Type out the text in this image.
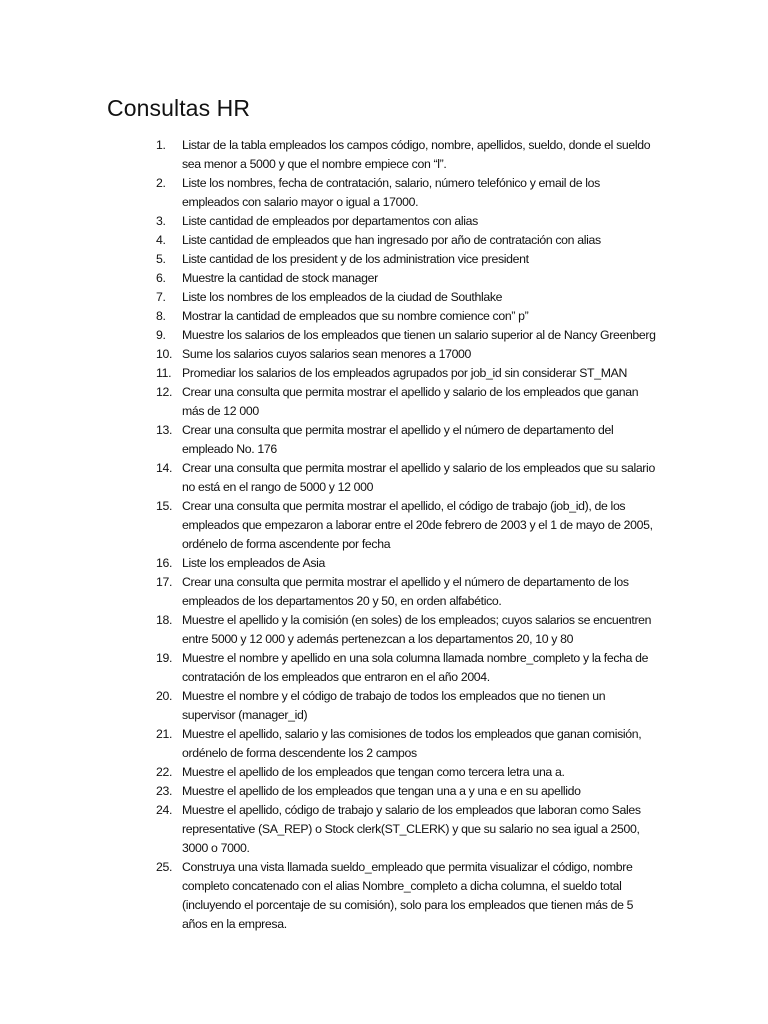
Consultas HR
1.	Listar de la tabla empleados los campos código, nombre, apellidos, sueldo, donde el sueldo sea menor a 5000 y que el nombre empiece con “l”.
2.	Liste los nombres, fecha de contratación, salario, número telefónico y email de los empleados con salario mayor o igual a 17000.
3.	Liste cantidad de empleados por departamentos con alias
4.	Liste cantidad de empleados que han ingresado por año de contratación con alias
5.	Liste cantidad de los president y de los administration vice president
6.	Muestre la cantidad de stock manager
7.	Liste los nombres de los empleados de la ciudad de Southlake
8.	Mostrar la cantidad de empleados que su nombre comience con” p”
9.	Muestre los salarios de los empleados que tienen un salario superior al de Nancy Greenberg
10. Sume los salarios cuyos salarios sean menores a 17000
11. Promediar los salarios de los empleados agrupados por job_id sin considerar ST_MAN
12. Crear una consulta que permita mostrar el apellido y salario de los empleados que ganan más de 12 000
13. Crear una consulta que permita mostrar el apellido y el número de departamento del empleado No. 176
14. Crear una consulta que permita mostrar el apellido y salario de los empleados que su salario no está en el rango de 5000 y 12 000
15. Crear una consulta que permita mostrar el apellido, el código de trabajo (job_id), de los empleados que empezaron a laborar entre el 20de febrero de 2003 y el 1 de mayo de 2005, ordénelo de forma ascendente por fecha
16. Liste los empleados de Asia
17. Crear una consulta que permita mostrar el apellido y el número de departamento de los empleados de los departamentos 20 y 50, en orden alfabético.
18. Muestre el apellido y la comisión (en soles) de los empleados; cuyos salarios se encuentren entre 5000 y 12 000 y además pertenezcan a los departamentos 20, 10 y 80
19. Muestre el nombre y apellido en una sola columna llamada nombre_completo y la fecha de contratación de los empleados que entraron en el año 2004.
20. Muestre el nombre y el código de trabajo de todos los empleados que no tienen un supervisor (manager_id)
21. Muestre el apellido, salario y las comisiones de todos los empleados que ganan comisión, ordénelo de forma descendente los 2 campos
22. Muestre el apellido de los empleados que tengan como tercera letra una a.
23. Muestre el apellido de los empleados que tengan una a y una e en su apellido
24. Muestre el apellido, código de trabajo y salario de los empleados que laboran como Sales representative (SA_REP) o Stock clerk(ST_CLERK) y que su salario no sea igual a 2500, 3000 o 7000.
25. Construya una vista llamada sueldo_empleado que permita visualizar el código, nombre completo concatenado con el alias Nombre_completo a dicha columna, el sueldo total (incluyendo el porcentaje de su comisión), solo para los empleados que tienen más de 5 años en la empresa.
